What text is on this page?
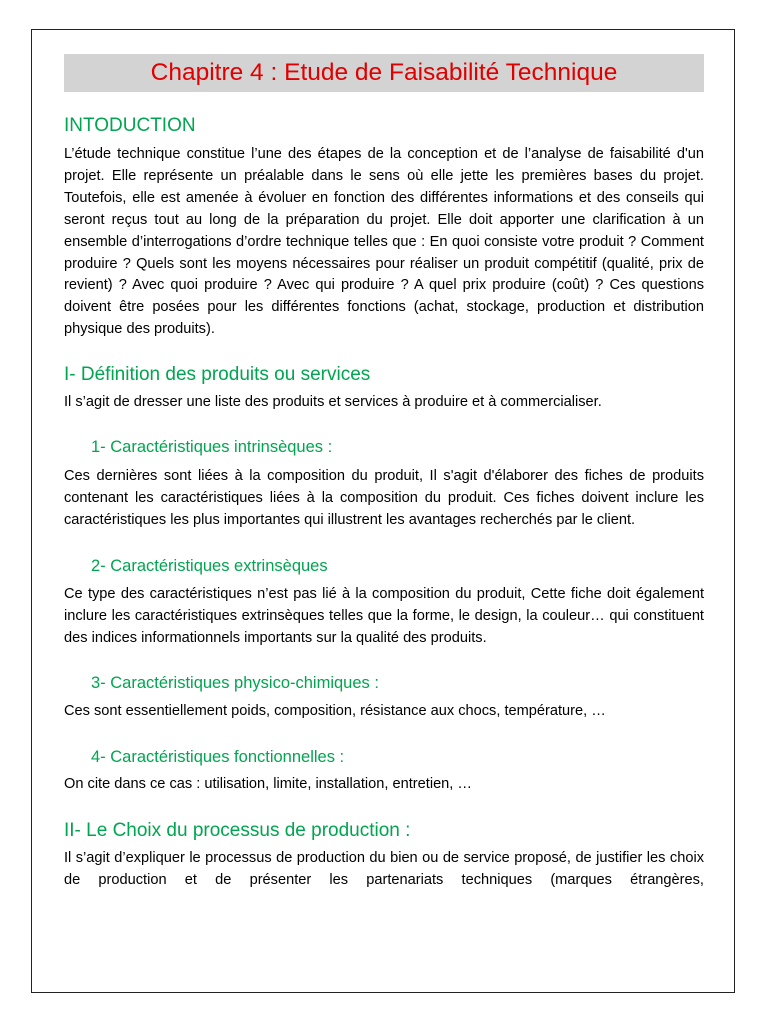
Chapitre 4 : Etude de Faisabilité Technique
INTODUCTION

L’étude technique constitue l’une des étapes de la conception et de l’analyse de faisabilité d'un projet. Elle représente un préalable dans le sens où elle jette les premières bases du projet. Toutefois, elle est amenée à évoluer en fonction des différentes informations et des conseils qui seront reçus tout au long de la préparation du projet. Elle doit apporter une clarification à un ensemble d’interrogations d’ordre technique telles que : En quoi consiste votre produit ? Comment produire ? Quels sont les moyens nécessaires pour réaliser un produit compétitif (qualité, prix de revient) ? Avec quoi produire ? Avec qui produire ? A quel prix produire (coût) ? Ces questions doivent être posées pour les différentes fonctions (achat, stockage, production et distribution physique des produits).

I- Définition des produits ou services

Il s’agit de dresser une liste des produits et services à produire et à commercialiser.

1- Caractéristiques intrinsèques :

Ces dernières sont liées à la composition du produit, Il s'agit d'élaborer des fiches de produits contenant les caractéristiques liées à la composition du produit. Ces fiches doivent inclure les caractéristiques les plus importantes qui illustrent les avantages recherchés par le client.

2- Caractéristiques extrinsèques

Ce type des caractéristiques n’est pas lié à la composition du produit, Cette fiche doit également inclure les caractéristiques extrinsèques telles que la forme, le design, la couleur… qui constituent des indices informationnels importants sur la qualité des produits.

3- Caractéristiques physico-chimiques :

Ces sont essentiellement poids, composition, résistance aux chocs, température, …

4- Caractéristiques fonctionnelles :

On cite dans ce cas : utilisation, limite, installation, entretien, …

II- Le Choix du processus de production :

Il s’agit d’expliquer le processus de production du bien ou de service proposé, de justifier les choix de production et de présenter les partenariats techniques (marques étrangères,
